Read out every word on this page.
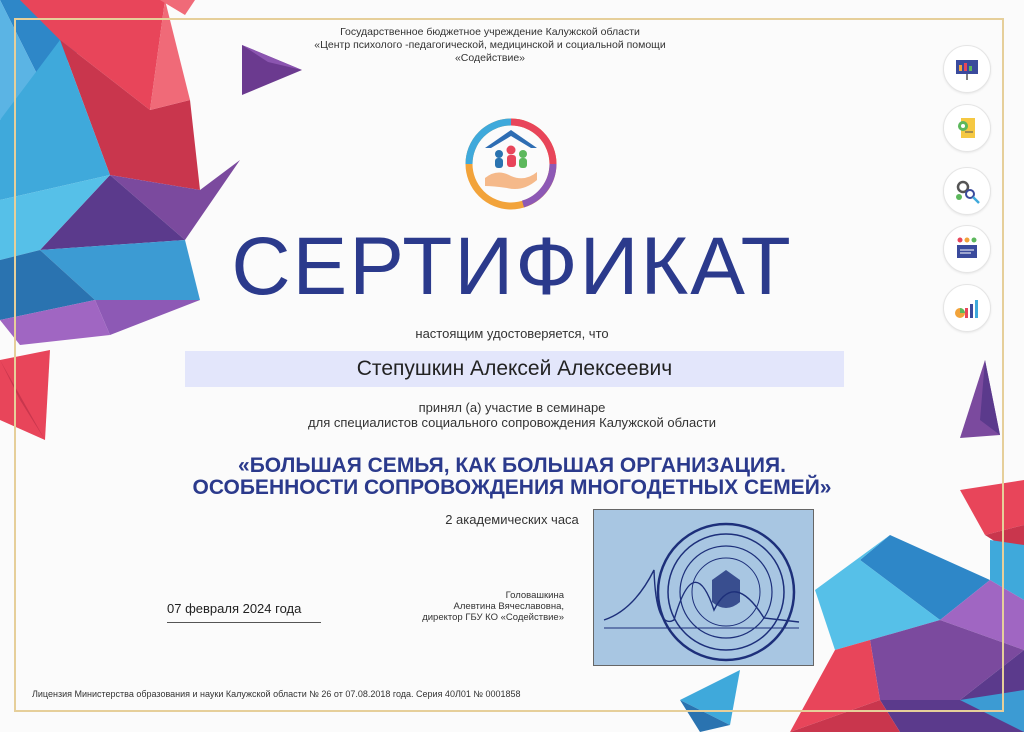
Государственное бюджетное учреждение Калужской области
«Центр психолого -педагогической, медицинской и социальной помощи
«Содействие»
СЕРТИФИКАТ
настоящим удостоверяется, что
Степушкин Алексей Алексеевич
принял (а) участие в семинаре
для специалистов социального сопровождения Калужской области
«БОЛЬШАЯ СЕМЬЯ, КАК БОЛЬШАЯ ОРГАНИЗАЦИЯ.
ОСОБЕННОСТИ СОПРОВОЖДЕНИЯ МНОГОДЕТНЫХ СЕМЕЙ»
2 академических часа
07 февраля 2024 года
Головашкина
Алевтина Вячеславовна,
директор ГБУ КО «Содействие»
Лицензия Министерства образования и науки Калужской области № 26 от 07.08.2018 года. Серия 40Л01 № 0001858
